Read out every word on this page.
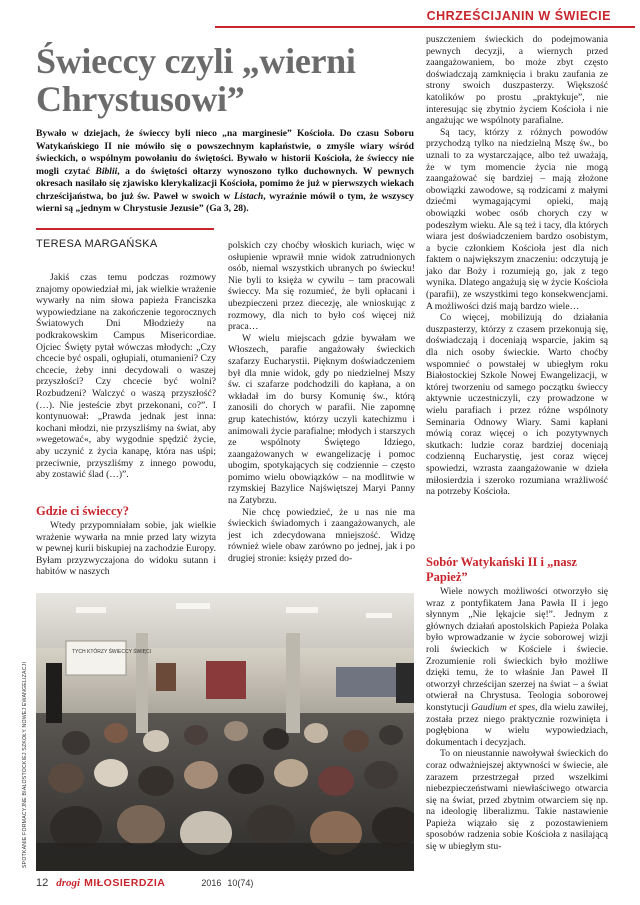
CHRZEŚCIJANIN W ŚWIECIE
Świeccy czyli „wierni
Chrystusowi”
Bywało w dziejach, że świeccy byli nieco „na marginesie” Kościoła. Do czasu Soboru Watykańskiego II nie mówiło się o powszechnym kapłaństwie, o zmyśle wiary wśród świeckich, o wspólnym powołaniu do świętości. Bywało w historii Kościoła, że świeccy nie mogli czytać Biblii, a do świętości ołtarzy wynoszono tylko duchownych. W pewnych okresach nasilało się zjawisko klerykalizacji Kościoła, pomimo że już w pierwszych wiekach chrześcijaństwa, bo już św. Paweł w swoich w Listach, wyraźnie mówił o tym, że wszyscy wierni są „jednym w Chrystusie Jezusie” (Ga 3, 28).
TERESA MARGAŃSKA

Jakiś czas temu podczas rozmowy znajomy opowiedział mi, jak wielkie wrażenie wywarły na nim słowa papieża Franciszka wypowiedziane na zakończenie tegorocznych Światowych Dni Młodzieży na podkrakowskim Campus Misericordiae. Ojciec Święty pytał wówczas młodych: „Czy chcecie być ospali, ogłupiali, otumanieni? Czy chcecie, żeby inni decydowali o waszej przyszłości? Czy chcecie być wolni? Rozbudzeni? Walczyć o waszą przyszłość? (…). Nie jesteście zbyt przekonani, co?”. I kontynuował: „Prawda jednak jest inna: kochani młodzi, nie przyszliśmy na świat, aby »wegetować«, aby wygodnie spędzić życie, aby uczynić z życia kanapę, która nas uśpi; przeciwnie, przyszliśmy z innego powodu, aby zostawić ślad (…)”.

Gdzie ci świeccy?

Wtedy przypomniałam sobie, jak wielkie wrażenie wywarła na mnie przed laty wizyta w pewnej kurii biskupiej na zachodzie Europy. Byłam przyzwyczajona do widoku sutann i habitów w naszych

polskich czy choćby włoskich kuriach, więc w osłupienie wprawił mnie widok zatrudnionych osób, niemal wszystkich ubranych po świecku! Nie byli to księża w cywilu – tam pracowali świeccy. Ma się rozumieć, że byli opłacani i ubezpieczeni przez diecezję, ale wnioskując z rozmowy, dla nich to było coś więcej niż praca…

W wielu miejscach gdzie bywałam we Włoszech, parafie angażowały świeckich szafarzy Eucharystii. Pięknym doświadczeniem był dla mnie widok, gdy po niedzielnej Mszy św. ci szafarze podchodzili do kapłana, a on wkładał im do bursy Komunię św., którą zanosili do chorych w parafii. Nie zapomnę grup katechistów, którzy uczyli katechizmu i animowali życie parafialne; młodych i starszych ze wspólnoty Świętego Idziego, zaangażowanych w ewangelizację i pomoc ubogim, spotykających się codziennie – często pomimo wielu obowiązków – na modlitwie w rzymskiej Bazylice Najświętszej Maryi Panny na Zatybrzu.

Nie chcę powiedzieć, że u nas nie ma świeckich świadomych i zaangażowanych, ale jest ich zdecydowana mniejszość. Widzę również wiele obaw zarówno po jednej, jak i po drugiej stronie: księży przed do-

puszczeniem świeckich do podejmowania pewnych decyzji, a wiernych przed zaangażowaniem, bo może zbyt często doświadczają zamknięcia i braku zaufania ze strony swoich duszpasterzy. Większość katolików po prostu „praktykuje”, nie interesując się zbytnio życiem Kościoła i nie angażując we wspólnoty parafialne.

Są tacy, którzy z różnych powodów przychodzą tylko na niedzielną Mszę św., bo uznali to za wystarczające, albo też uważają, że w tym momencie życia nie mogą zaangażować się bardziej – mają złożone obowiązki zawodowe, są rodzicami z małymi dziećmi wymagającymi opieki, mają obowiązki wobec osób chorych czy w podeszłym wieku. Ale są też i tacy, dla których wiara jest doświadczeniem bardzo osobistym, a bycie członkiem Kościoła jest dla nich faktem o największym znaczeniu: odczytują je jako dar Boży i rozumieją go, jak z tego wynika. Dlatego angażują się w życie Kościoła (parafii), ze wszystkimi tego konsekwencjami. A możliwości dziś mają bardzo wiele…

Co więcej, mobilizują do działania duszpasterzy, którzy z czasem przekonują się, doświadczają i doceniają wsparcie, jakim są dla nich osoby świeckie. Warto choćby wspomnieć o powstałej w ubiegłym roku Białostockiej Szkole Nowej Ewangelizacji, w której tworzeniu od samego początku świeccy aktywnie uczestniczyli, czy prowadzone w wielu parafiach i przez różne wspólnoty Seminaria Odnowy Wiary. Sami kapłani mówią coraz więcej o ich pozytywnych skutkach: ludzie coraz bardziej doceniają codzienną Eucharystię, jest coraz więcej spowiedzi, wzrasta zaangażowanie w dzieła miłosierdzia i szeroko rozumiana wrażliwość na potrzeby Kościoła.

Sobór Watykański II i „nasz Papież”

Wiele nowych możliwości otworzyło się wraz z pontyfikatem Jana Pawła II i jego słynnym „Nie lękajcie się!”. Jednym z głównych działań apostolskich Papieża Polaka było wprowadzanie w życie soborowej wizji roli świeckich w Kościele i świecie. Zrozumienie roli świeckich było możliwe dzięki temu, że to właśnie Jan Paweł II otworzył chrześcijan szerzej na świat – a świat otwierał na Chrystusa. Teologia soborowej konstytucji Gaudium et spes, dla wielu zawiłej, została przez niego praktycznie rozwinięta i pogłębiona w wielu wypowiedziach, dokumentach i decyzjach.

To on nieustannie nawoływał świeckich do coraz odważniejszej aktywności w świecie, ale zarazem przestrzegał przed wszelkimi niebezpieczeństwami niewłaściwego otwarcia się na świat, przed zbytnim otwarciem się np. na ideologię liberalizmu. Takie nastawienie Papieża wiązało się z pozostawieniem sposobów radzenia sobie Kościoła z nasilającą się w ubiegłym stu-

TYCH KTÓRZY ŚWIECCY ŚWIĘCI
SPOTKANIE FORMACYJNE BIAŁOSTOCKIEJ SZKOŁY NOWEJ EWANGELIZACJI
12 drogi MIŁOSIERDZIA	2016 10(74)
